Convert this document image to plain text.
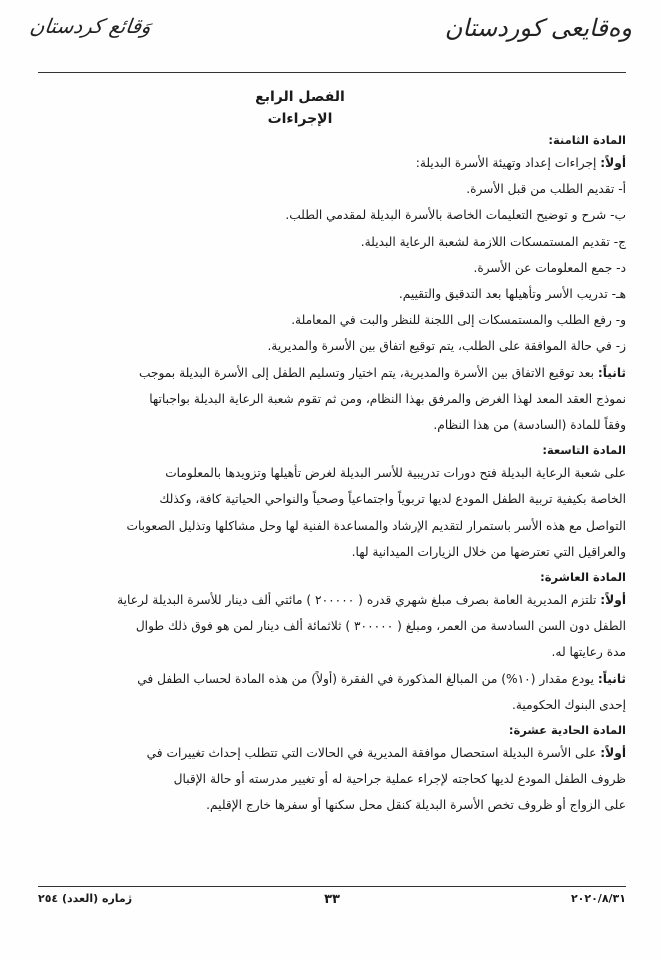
وەقایعی کوردستان
وَقائع كردستان
الفصل الرابع
الإجراءات

المادة الثامنة:

أولاً: إجراءات إعداد وتهيئة الأسرة البديلة:

أ- تقديم الطلب من قبل الأسرة.

ب- شرح و توضيح التعليمات الخاصة بالأسرة البديلة لمقدمي الطلب.

ج- تقديم المستمسكات اللازمة لشعبة الرعاية البديلة.

د- جمع المعلومات عن الأسرة.

هـ- تدريب الأسر وتأهيلها بعد التدقيق والتقييم.

و- رفع الطلب والمستمسكات إلى اللجنة للنظر والبت في المعاملة.

ز- في حالة الموافقة على الطلب، يتم توقيع اتفاق بين الأسرة والمديرية.

ثانياً: بعد توقيع الاتفاق بين الأسرة والمديرية، يتم اختيار وتسليم الطفل إلى الأسرة البديلة بموجب

نموذج العقد المعد لهذا الغرض والمرفق بهذا النظام، ومن ثم تقوم شعبة الرعاية البديلة بواجباتها

وفقاً للمادة (السادسة) من هذا النظام.

المادة التاسعة:

على شعبة الرعاية البديلة فتح دورات تدريبية للأسر البديلة لغرض تأهيلها وتزويدها بالمعلومات

الخاصة بكيفية تربية الطفل المودع لديها تربوياً واجتماعياً وصحياً والنواحي الحياتية كافة، وكذلك

التواصل مع هذه الأسر باستمرار لتقديم الإرشاد والمساعدة الفنية لها وحل مشاكلها وتذليل الصعوبات

والعراقيل التي تعترضها من خلال الزيارات الميدانية لها.

المادة العاشرة:

أولاً: تلتزم المديرية العامة بصرف مبلغ شهري قدره ( ٢٠٠٠٠٠ ) مائتي ألف دينار للأسرة البديلة لرعاية

الطفل دون السن السادسة من العمر، ومبلغ ( ٣٠٠٠٠٠ ) ثلاثمائة ألف دينار لمن هو فوق ذلك طوال

مدة رعايتها له.

ثانياً: يودع مقدار (١٠%) من المبالغ المذكورة في الفقرة (أولاً) من هذه المادة لحساب الطفل في

إحدى البنوك الحكومية.

المادة الحادية عشرة:

أولاً: على الأسرة البديلة استحصال موافقة المديرية في الحالات التي تتطلب إحداث تغييرات في

ظروف الطفل المودع لديها كحاجته لإجراء عملية جراحية له أو تغيير مدرسته أو حالة الإقبال

على الزواج أو ظروف تخص الأسرة البديلة كنقل محل سكنها أو سفرها خارج الإقليم.

٢٠٢٠/٨/٣١
٣٣
ژماره (العدد) ٢٥٤
